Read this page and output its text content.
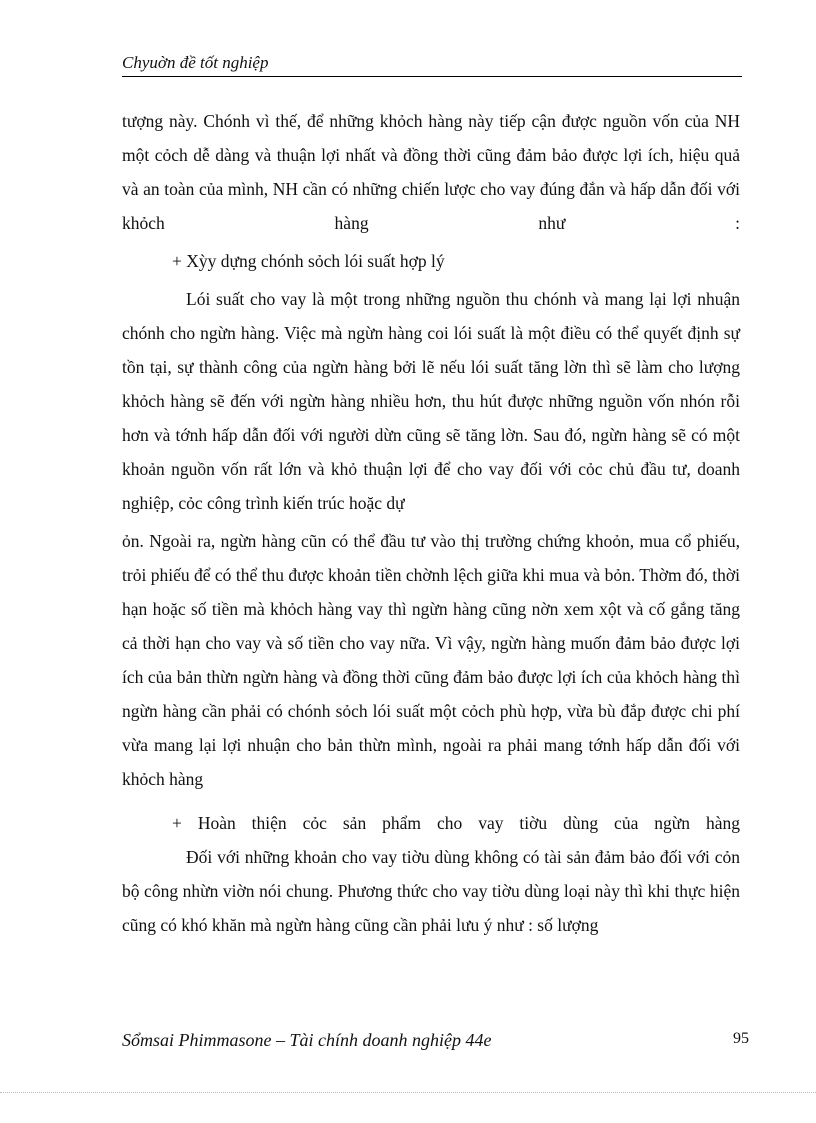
Chyuờn đề tốt nghiệp

tượng này. Chónh vì thế, để những khỏch hàng này tiếp cận được nguồn vốn của NH một cỏch dễ dàng và thuận lợi nhất và đồng thời cũng đảm bảo được lợi ích, hiệu quả và an toàn của mình, NH cần có những chiến lược cho vay đúng đắn và hấp dẫn đối với khỏch hàng như :

+ Xỳy dựng chónh sỏch lói suất hợp lý

Lói suất cho vay là một trong những nguồn thu chónh và mang lại lợi nhuận chónh cho ngừn hàng. Việc mà ngừn hàng coi lói suất là một điều có thể quyết định sự tồn tại, sự thành công của ngừn hàng bởi lẽ nếu lói suất tăng lờn thì sẽ làm cho lượng khỏch hàng sẽ đến với ngừn hàng nhiều hơn, thu hút được những nguồn vốn nhón rỗi hơn và tớnh hấp dẫn đối với người dừn cũng sẽ tăng lờn. Sau đó, ngừn hàng sẽ có một khoản nguồn vốn rất lớn và khỏ thuận lợi để cho vay đối với cỏc chủ đầu tư, doanh nghiệp, cỏc công trình kiến trúc hoặc dự

ỏn. Ngoài ra, ngừn hàng cũn có thể đầu tư vào thị trường chứng khoỏn, mua cổ phiếu, trỏi phiếu để có thể thu được khoản tiền chờnh lệch giữa khi mua và bỏn. Thờm đó, thời hạn hoặc số tiền mà khỏch hàng vay thì ngừn hàng cũng nờn xem xột và cố gắng tăng cả thời hạn cho vay và số tiền cho vay nữa. Vì vậy, ngừn hàng muốn đảm bảo được lợi ích của bản thừn ngừn hàng và đồng thời cũng đảm bảo được lợi ích của khỏch hàng thì ngừn hàng cần phải có chónh sỏch lói suất một cỏch phù hợp, vừa bù đắp được chi phí vừa mang lại lợi nhuận cho bản thừn mình, ngoài ra phải mang tớnh hấp dẫn đối với khỏch hàng

+ Hoàn thiện cỏc sản phẩm cho vay tiờu dùng của ngừn hàng

Đối với những khoản cho vay tiờu dùng không có tài sản đảm bảo đối với cỏn bộ công nhừn viờn nói chung. Phương thức cho vay tiờu dùng loại này thì khi thực hiện cũng có khó khăn mà ngừn hàng cũng cần phải lưu ý như : số lượng

Sổmsai Phimmasone – Tài chính doanh nghiệp 44e	95
